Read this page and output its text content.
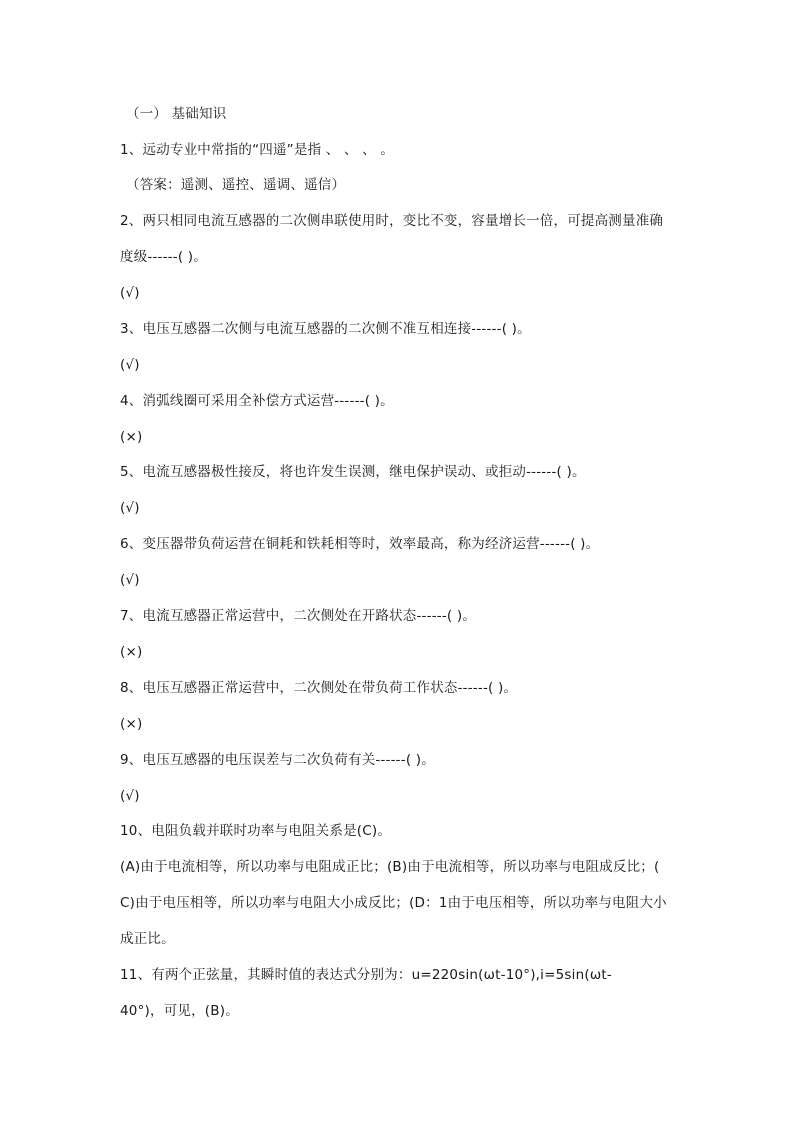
（一） 基础知识
1、远动专业中常指的“四遥”是指 、 、 、 。
（答案：遥测、遥控、遥调、遥信）
2、两只相同电流互感器的二次侧串联使用时，变比不变，容量增长一倍，可提高测量准确
度级------( )。
(√)
3、电压互感器二次侧与电流互感器的二次侧不准互相连接------( )。
(√)
4、消弧线圈可采用全补偿方式运营------( )。
(×)
5、电流互感器极性接反，将也许发生误测，继电保护误动、或拒动------( )。
(√)
6、变压器带负荷运营在铜耗和铁耗相等时，效率最高，称为经济运营------( )。
(√)
7、电流互感器正常运营中，二次侧处在开路状态------( )。
(×)
8、电压互感器正常运营中，二次侧处在带负荷工作状态------( )。
(×)
9、电压互感器的电压误差与二次负荷有关------( )。
(√)
10、电阻负载并联时功率与电阻关系是(C)。
(A)由于电流相等，所以功率与电阻成正比；(B)由于电流相等，所以功率与电阻成反比；(
C)由于电压相等，所以功率与电阻大小成反比；(D：1由于电压相等，所以功率与电阻大小
成正比。
11、有两个正弦量，其瞬时值的表达式分别为：u=220sin(ωt-10°),i=5sin(ωt-
40°)，可见，(B)。
